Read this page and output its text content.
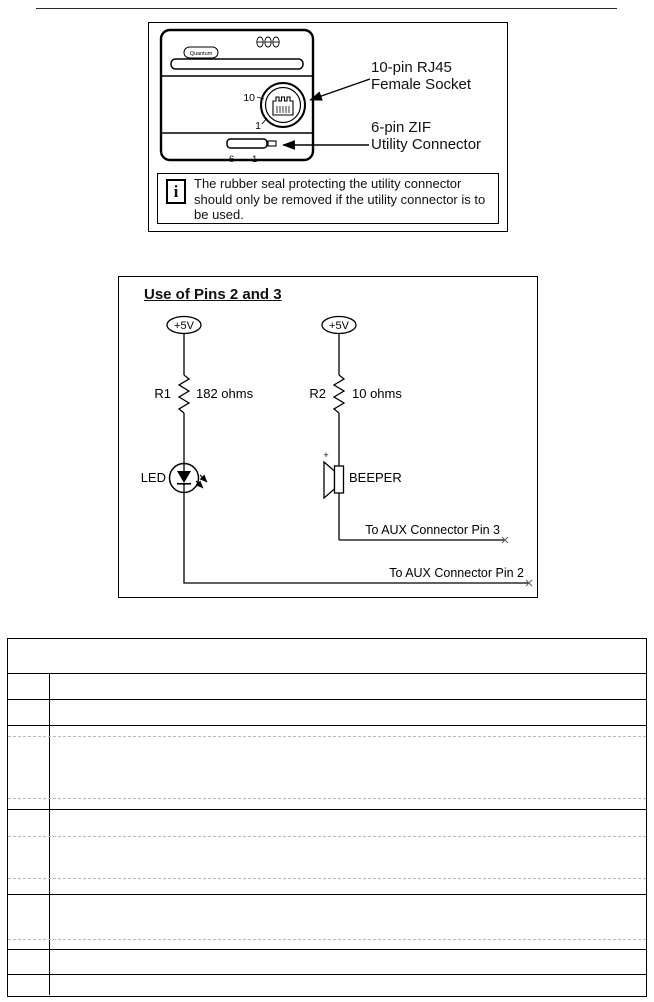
Quantum
10
1
6 1
10-pin RJ45
Female Socket
6-pin ZIF
Utility Connector
i	The rubber seal protecting the utility connector should only be removed if the utility connector is to be used.
Use of Pins 2 and 3
+5V
R1 182 ohms
LED
To AUX Connector Pin 2
+5V
R2 10 ohms
+
BEEPER
To AUX Connector Pin 3
